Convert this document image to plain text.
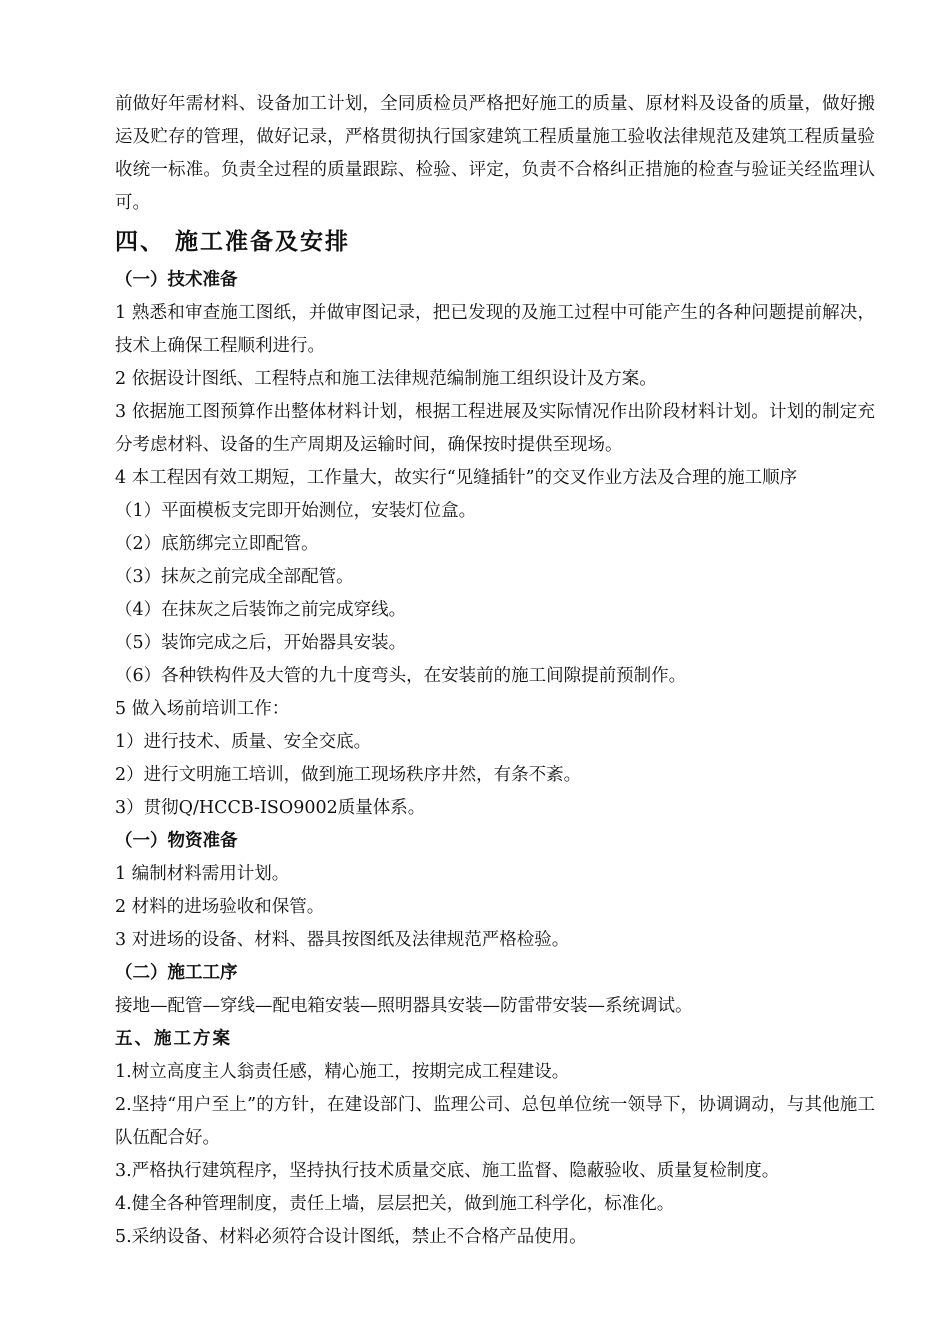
前做好年需材料、设备加工计划，全同质检员严格把好施工的质量、原材料及设备的质量，做好搬运及贮存的管理，做好记录，严格贯彻执行国家建筑工程质量施工验收法律规范及建筑工程质量验收统一标准。负责全过程的质量跟踪、检验、评定，负责不合格纠正措施的检查与验证关经监理认可。

四、 施工准备及安排
（一）技术准备

1 熟悉和审查施工图纸，并做审图记录，把已发现的及施工过程中可能产生的各种问题提前解决，技术上确保工程顺利进行。

2 依据设计图纸、工程特点和施工法律规范编制施工组织设计及方案。

3 依据施工图预算作出整体材料计划，根据工程进展及实际情况作出阶段材料计划。计划的制定充分考虑材料、设备的生产周期及运输时间，确保按时提供至现场。

4 本工程因有效工期短，工作量大，故实行“见缝插针”的交叉作业方法及合理的施工顺序

（1）平面模板支完即开始测位，安装灯位盒。

（2）底筋绑完立即配管。

（3）抹灰之前完成全部配管。

（4）在抹灰之后装饰之前完成穿线。

（5）装饰完成之后，开始器具安装。

（6）各种铁构件及大管的九十度弯头，在安装前的施工间隙提前预制作。

5 做入场前培训工作：

1）进行技术、质量、安全交底。

2）进行文明施工培训，做到施工现场秩序井然，有条不紊。

3）贯彻Q/HCCB-ISO9002质量体系。

（一）物资准备

1 编制材料需用计划。

2 材料的进场验收和保管。

3 对进场的设备、材料、器具按图纸及法律规范严格检验。

（二）施工工序

接地—配管—穿线—配电箱安装—照明器具安装—防雷带安装—系统调试。

五、施工方案

1.树立高度主人翁责任感，精心施工，按期完成工程建设。

2.坚持“用户至上”的方针，在建设部门、监理公司、总包单位统一领导下，协调调动，与其他施工队伍配合好。

3.严格执行建筑程序，坚持执行技术质量交底、施工监督、隐蔽验收、质量复检制度。

4.健全各种管理制度，责任上墙，层层把关，做到施工科学化，标准化。

5.采纳设备、材料必须符合设计图纸，禁止不合格产品使用。
